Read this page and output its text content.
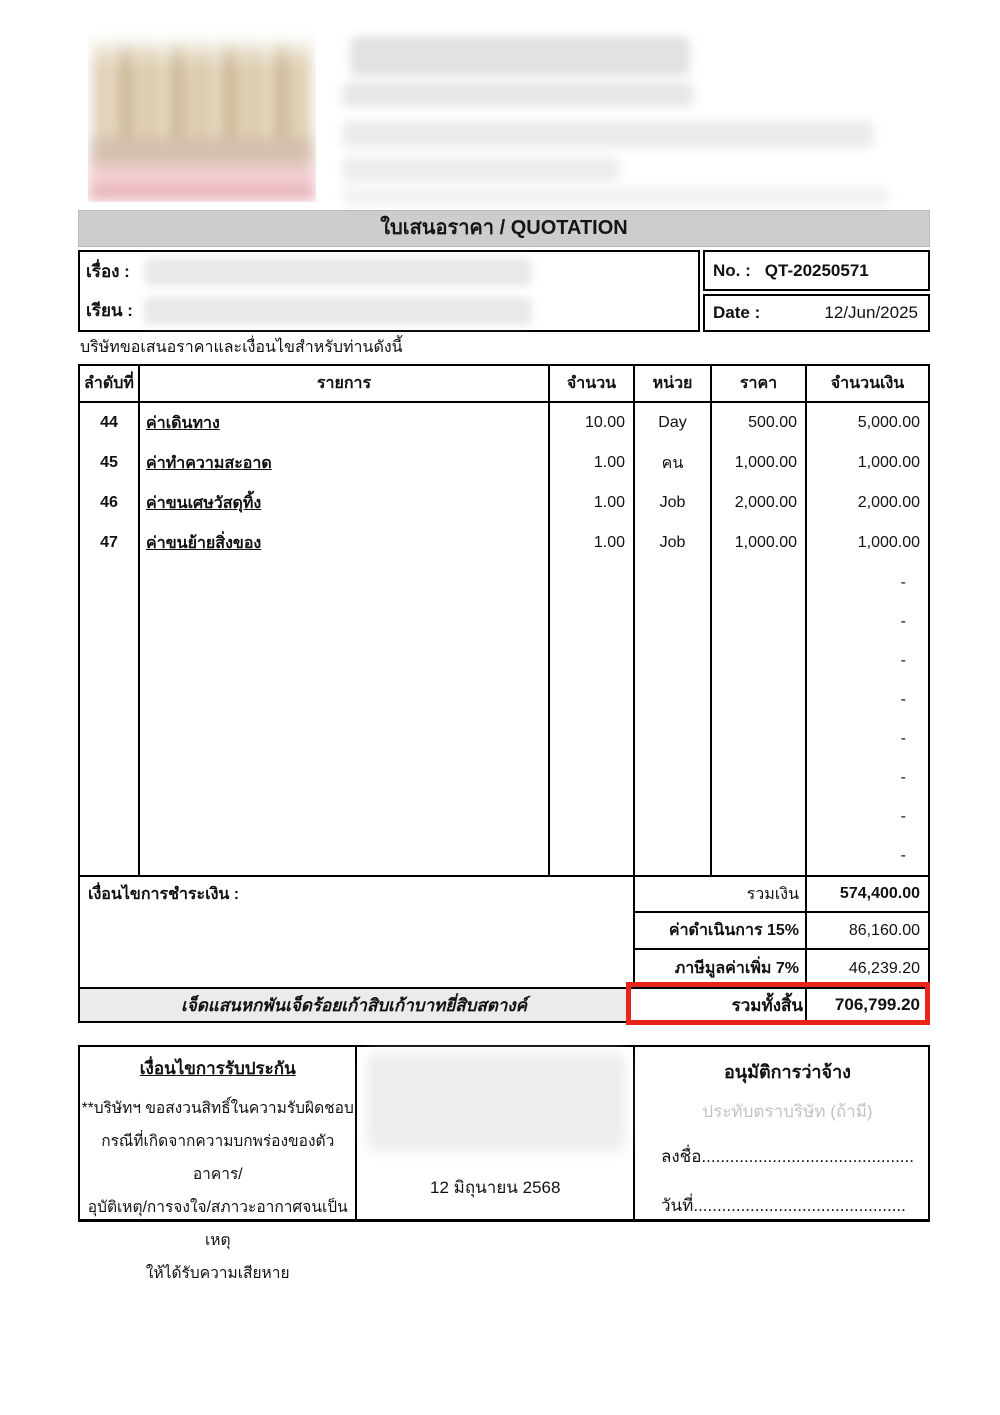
ใบเสนอราคา / QUOTATION
เรื่อง :
เรียน :
No. : QT-20250571
Date :	12/Jun/2025
บริษัทขอเสนอราคาและเงื่อนไขสำหรับท่านดังนี้
ลำดับที่	รายการ	จำนวน	หน่วย	ราคา	จำนวนเงิน
44	ค่าเดินทาง	10.00	Day	500.00	5,000.00
45	ค่าทำความสะอาด	1.00	คน	1,000.00	1,000.00
46	ค่าขนเศษวัสดุทิ้ง	1.00	Job	2,000.00	2,000.00
47	ค่าขนย้ายสิ่งของ	1.00	Job	1,000.00	1,000.00
-
-
-
-
-
-
-
-
เงื่อนไขการชำระเงิน :	รวมเงิน	574,400.00
ค่าดำเนินการ 15%	86,160.00
ภาษีมูลค่าเพิ่ม 7%	46,239.20
เจ็ดแสนหกพันเจ็ดร้อยเก้าสิบเก้าบาทยี่สิบสตางค์	รวมทั้งสิ้น	706,799.20
เงื่อนไขการรับประกัน
**บริษัทฯ ขอสงวนสิทธิ์ในความรับผิดชอบ
กรณีที่เกิดจากความบกพร่องของตัวอาคาร/
อุบัติเหตุ/การจงใจ/สภาวะอากาศจนเป็นเหตุ
ให้ได้รับความเสียหาย
12 มิถุนายน 2568
อนุมัติการว่าจ้าง
ประทับตราบริษัท (ถ้ามี)
ลงชื่อ.............................................
วันที่.............................................
